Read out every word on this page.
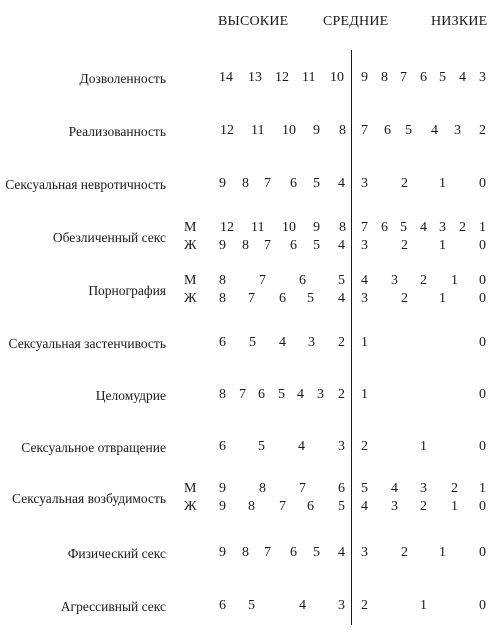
ВЫСОКИЕ СРЕДНИЕ	НИЗКИЕ
Дозволенность	14 13 12 11 10 9 8 7 6 5 4 3
Реализованность	12 11 10 9 8 7 6 5 4 3 2
Сексуальная невротичность	9 8 7 6 5 4 3 2 1 0
Обезличенный секс
М 12 11 10 9 8 7 6 5 4 3 2 1
Ж 9 8 7 6 5 4 3 2 1 0
Порнография
М 8 7 6 5 4 3 2 1 0
Ж 8 7 6 5 4 3 2 1 0
Сексуальная застенчивость	6 5 4 3 2 1	0
Целомудрие	8 7 6 5 4 3 2 1	0
Сексуальное отвращение	6 5 4 3 2	1	0
Сексуальная возбудимость
М 9 8 7 6 5 4 3 2 1
Ж 9 8 7 6 5 4 3 2 1 0
Физический секс	9 8 7 6 5 4 3 2 1 0
Агрессивный секс	6 5	4 3 2	1	0
